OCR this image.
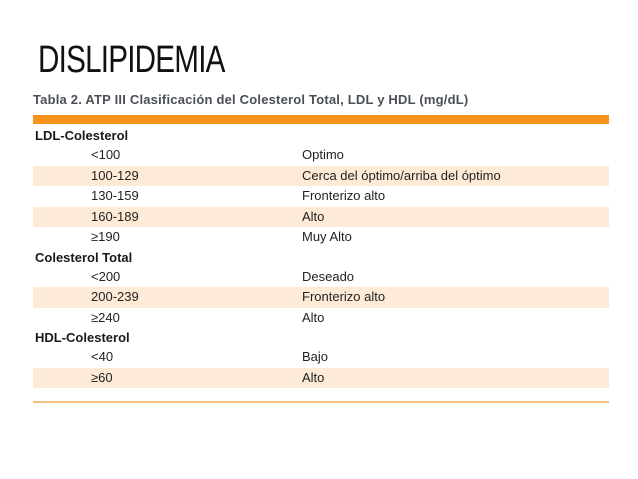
DISLIPIDEMIA
Tabla 2. ATP III Clasificación del Colesterol Total, LDL y HDL (mg/dL)
LDL-Colesterol
<100	Optimo
100-129	Cerca del óptimo/arriba del óptimo
130-159	Fronterizo alto
160-189	Alto
≥190	Muy Alto
Colesterol Total
<200	Deseado
200-239	Fronterizo alto
≥240	Alto
HDL-Colesterol
<40	Bajo
≥60	Alto
